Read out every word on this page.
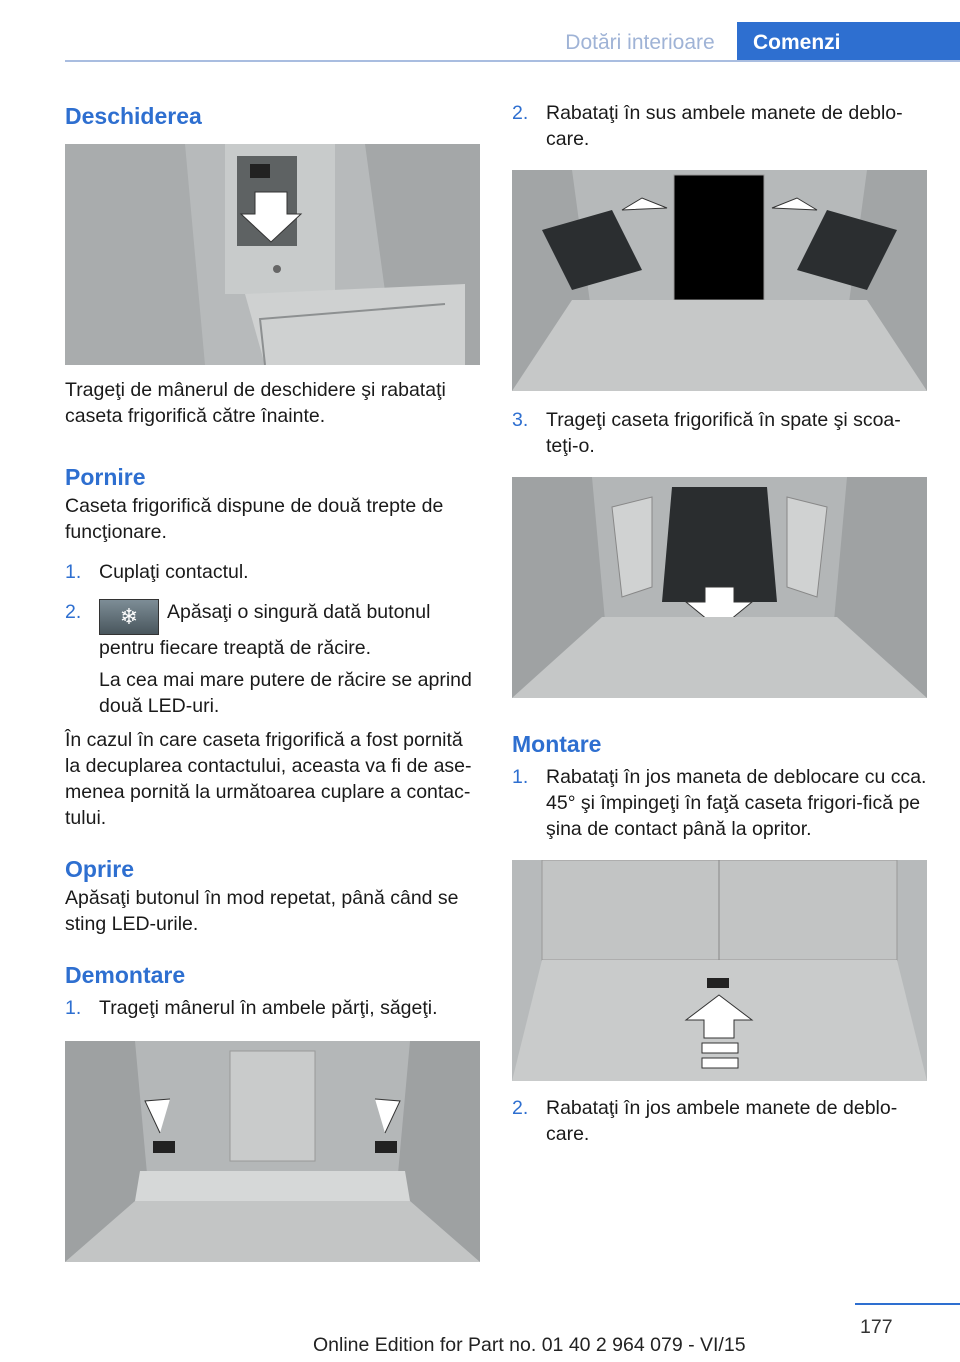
Dotări interioare	Comenzi
Deschiderea

Trageţi de mânerul de deschidere şi rabataţi caseta frigorifică către înainte.

Pornire

Caseta frigorifică dispune de două trepte de funcţionare.

1. Cuplaţi contactul.
2. ❄ Apăsaţi o singură dată butonul pentru fiecare treaptă de răcire.
La cea mai mare putere de răcire se aprind două LED-uri.

În cazul în care caseta frigorifică a fost pornită la decuplarea contactului, aceasta va fi de ase-menea pornită la următoarea cuplare a contac-tului.

Oprire

Apăsaţi butonul în mod repetat, până când se sting LED-urile.

Demontare
1. Trageţi mânerul în ambele părţi, săgeţi.
2. Rabataţi în sus ambele manete de deblo-care.
3. Trageţi caseta frigorifică în spate şi scoa-teţi-o.
Montare
1. Rabataţi în jos maneta de deblocare cu cca. 45° şi împingeţi în faţă caseta frigori-fică pe şina de contact până la opritor.
2. Rabataţi în jos ambele manete de deblo-care.
177
Online Edition for Part no. 01 40 2 964 079 - VI/15
